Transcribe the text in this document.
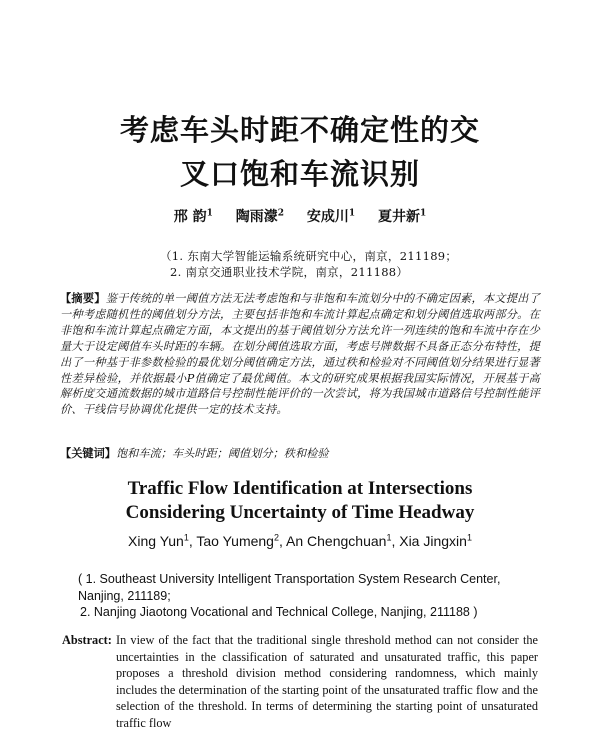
考虑车头时距不确定性的交
叉口饱和车流识别
邢 韵$^1$ 陶雨濛$^2$ 安成川$^1$ 夏井新$^1$
（1. 东南大学智能运输系统研究中心，南京，211189；
2. 南京交通职业技术学院，南京，211188）
【摘要】鉴于传统的单一阈值方法无法考虑饱和与非饱和车流划分中的不确定因素，本文提出了一种考虑随机性的阈值划分方法，主要包括非饱和车流计算起点确定和划分阈值选取两部分。在非饱和车流计算起点确定方面，本文提出的基于阈值划分方法允许一列连续的饱和车流中存在少量大于设定阈值车头时距的车辆。在划分阈值选取方面，考虑号牌数据不具备正态分布特性，提出了一种基于非参数检验的最优划分阈值确定方法，通过秩和检验对不同阈值划分结果进行显著性差异检验，并依据最小P值确定了最优阈值。本文的研究成果根据我国实际情况，开展基于高解析度交通流数据的城市道路信号控制性能评价的一次尝试，将为我国城市道路信号控制性能评价、干线信号协调优化提供一定的技术支持。
【关键词】饱和车流；车头时距；阈值划分；秩和检验
Traffic Flow Identification at Intersections
Considering Uncertainty of Time Headway
Xing Yun$^1$, Tao Yumeng$^2$, An Chengchuan$^1$, Xia Jingxin$^1$
( 1. Southeast University Intelligent Transportation System Research Center, Nanjing, 211189;
2. Nanjing Jiaotong Vocational and Technical College, Nanjing, 211188 )
Abstract: In view of the fact that the traditional single threshold method can not consider the uncertainties in the classification of saturated and unsaturated traffic, this paper proposes a threshold division method considering randomness, which mainly includes the determination of the starting point of the unsaturated traffic flow and the selection of the threshold. In terms of determining the starting point of unsaturated traffic flow
